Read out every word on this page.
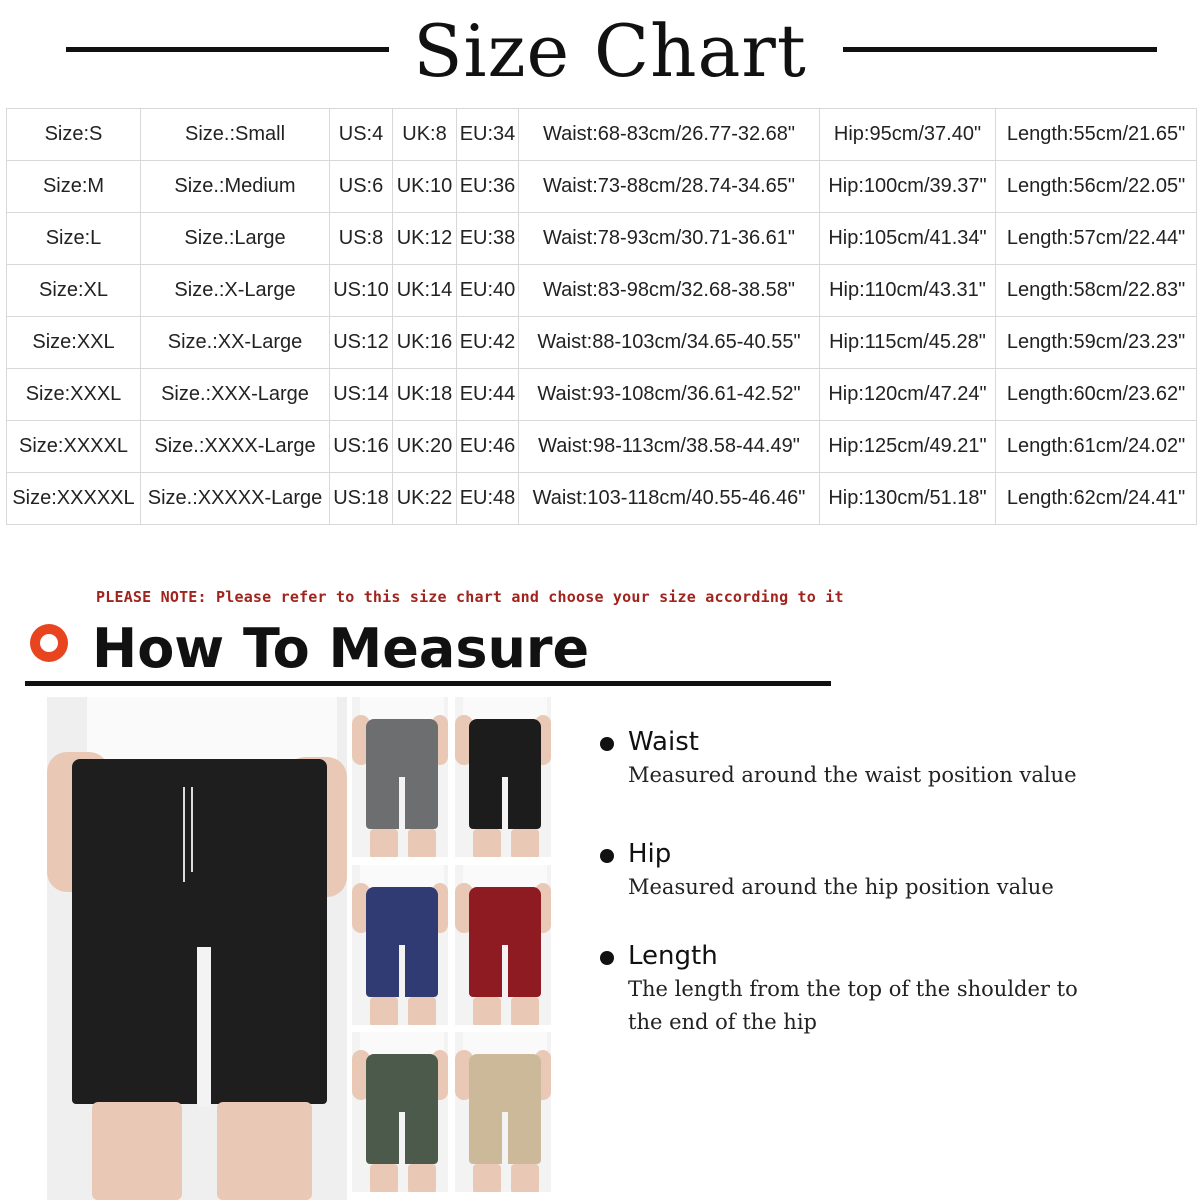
Size Chart
Size:S	Size.:Small	US:4	UK:8	EU:34	Waist:68-83cm/26.77-32.68"	Hip:95cm/37.40"	Length:55cm/21.65"
Size:M	Size.:Medium	US:6	UK:10	EU:36	Waist:73-88cm/28.74-34.65"	Hip:100cm/39.37"	Length:56cm/22.05"
Size:L	Size.:Large	US:8	UK:12	EU:38	Waist:78-93cm/30.71-36.61"	Hip:105cm/41.34"	Length:57cm/22.44"
Size:XL	Size.:X-Large	US:10	UK:14	EU:40	Waist:83-98cm/32.68-38.58"	Hip:110cm/43.31"	Length:58cm/22.83"
Size:XXL	Size.:XX-Large	US:12	UK:16	EU:42	Waist:88-103cm/34.65-40.55"	Hip:115cm/45.28"	Length:59cm/23.23"
Size:XXXL	Size.:XXX-Large	US:14	UK:18	EU:44	Waist:93-108cm/36.61-42.52"	Hip:120cm/47.24"	Length:60cm/23.62"
Size:XXXXL	Size.:XXXX-Large	US:16	UK:20	EU:46	Waist:98-113cm/38.58-44.49"	Hip:125cm/49.21"	Length:61cm/24.02"
Size:XXXXXL	Size.:XXXXX-Large	US:18	UK:22	EU:48	Waist:103-118cm/40.55-46.46"	Hip:130cm/51.18"	Length:62cm/24.41"
PLEASE NOTE: Please refer to this size chart and choose your size according to it
How To Measure
Waist
Measured around the waist position value
Hip
Measured around the hip position value
Length
The length from the top of the shoulder to the end of the hip
